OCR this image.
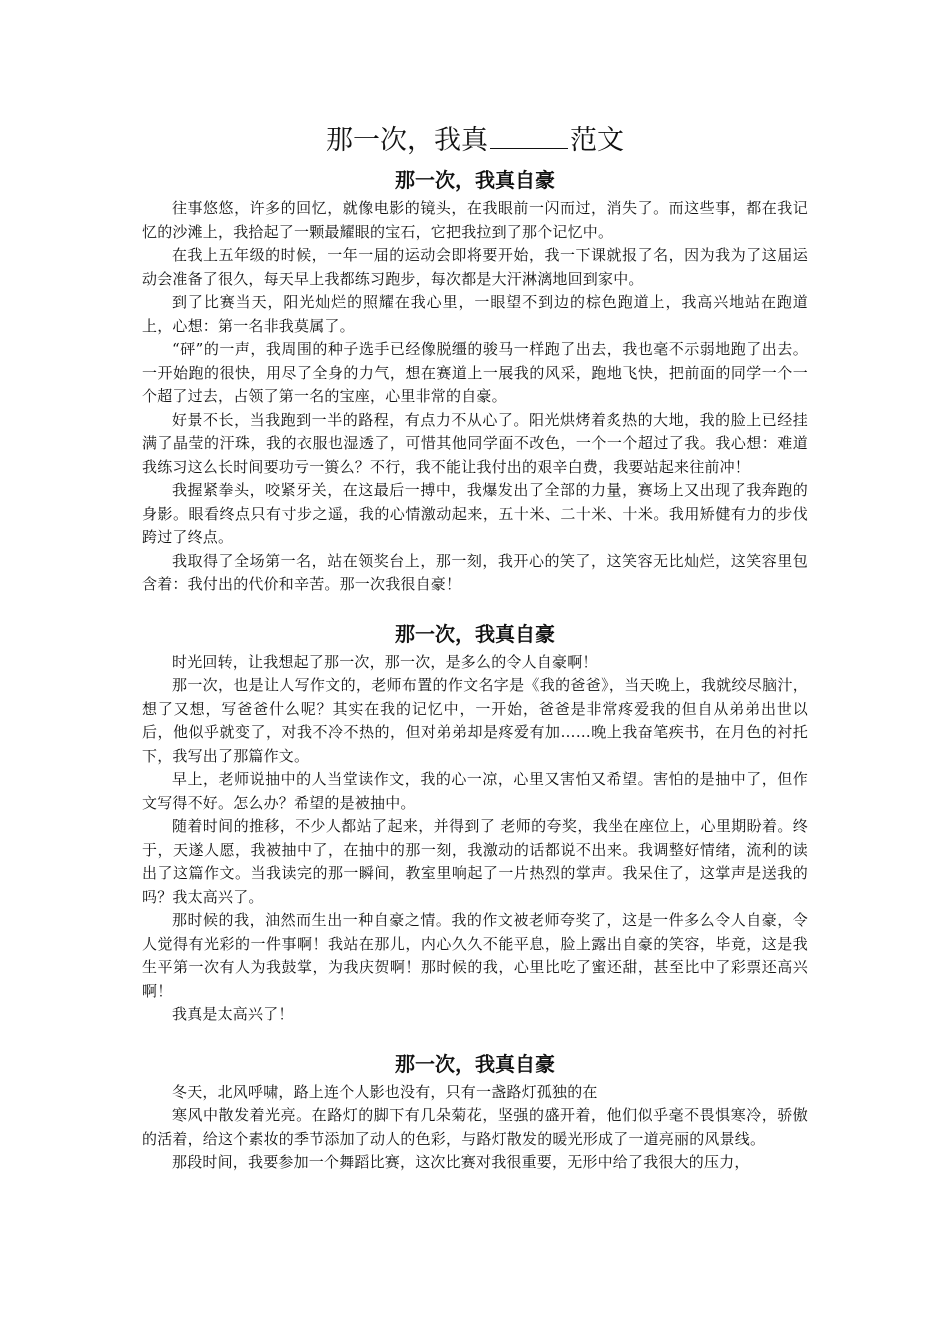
那一次，我真	范文
那一次，我真自豪

往事悠悠，许多的回忆，就像电影的镜头，在我眼前一闪而过，消失了。而这些事，都在我记忆的沙滩上，我拾起了一颗最耀眼的宝石，它把我拉到了那个记忆中。

在我上五年级的时候，一年一届的运动会即将要开始，我一下课就报了名，因为我为了这届运动会准备了很久，每天早上我都练习跑步，每次都是大汗淋漓地回到家中。

到了比赛当天，阳光灿烂的照耀在我心里，一眼望不到边的棕色跑道上，我高兴地站在跑道上，心想：第一名非我莫属了。

“砰”的一声，我周围的种子选手已经像脱缰的骏马一样跑了出去，我也毫不示弱地跑了出去。一开始跑的很快，用尽了全身的力气，想在赛道上一展我的风采，跑地飞快，把前面的同学一个一个超了过去，占领了第一名的宝座，心里非常的自豪。

好景不长，当我跑到一半的路程，有点力不从心了。阳光烘烤着炙热的大地，我的脸上已经挂满了晶莹的汗珠，我的衣服也湿透了，可惜其他同学面不改色，一个一个超过了我。我心想：难道我练习这么长时间要功亏一篑么？不行，我不能让我付出的艰辛白费，我要站起来往前冲！

我握紧拳头，咬紧牙关，在这最后一搏中，我爆发出了全部的力量，赛场上又出现了我奔跑的身影。眼看终点只有寸步之遥，我的心情激动起来，五十米、二十米、十米。我用矫健有力的步伐跨过了终点。

我取得了全场第一名，站在领奖台上，那一刻，我开心的笑了，这笑容无比灿烂，这笑容里包含着：我付出的代价和辛苦。那一次我很自豪！

那一次，我真自豪

时光回转，让我想起了那一次，那一次，是多么的令人自豪啊！

那一次，也是让人写作文的，老师布置的作文名字是《我的爸爸》，当天晚上，我就绞尽脑汁，想了又想，写爸爸什么呢？其实在我的记忆中，一开始，爸爸是非常疼爱我的但自从弟弟出世以后，他似乎就变了，对我不冷不热的，但对弟弟却是疼爱有加……晚上我奋笔疾书，在月色的衬托下，我写出了那篇作文。

早上，老师说抽中的人当堂读作文，我的心一凉，心里又害怕又希望。害怕的是抽中了，但作文写得不好。怎么办？希望的是被抽中。

随着时间的推移，不少人都站了起来，并得到了 老师的夸奖，我坐在座位上，心里期盼着。终于，天遂人愿，我被抽中了，在抽中的那一刻，我激动的话都说不出来。我调整好情绪，流利的读出了这篇作文。当我读完的那一瞬间，教室里响起了一片热烈的掌声。我呆住了，这掌声是送我的吗？我太高兴了。

那时候的我，油然而生出一种自豪之情。我的作文被老师夸奖了，这是一件多么令人自豪，令人觉得有光彩的一件事啊！我站在那儿，内心久久不能平息，脸上露出自豪的笑容，毕竟，这是我生平第一次有人为我鼓掌，为我庆贺啊！那时候的我，心里比吃了蜜还甜，甚至比中了彩票还高兴啊！

我真是太高兴了！

那一次，我真自豪

冬天，北风呼啸，路上连个人影也没有，只有一盏路灯孤独的在

寒风中散发着光亮。在路灯的脚下有几朵菊花，坚强的盛开着，他们似乎毫不畏惧寒冷，骄傲的活着，给这个素妆的季节添加了动人的色彩，与路灯散发的暖光形成了一道亮丽的风景线。

那段时间，我要参加一个舞蹈比赛，这次比赛对我很重要，无形中给了我很大的压力，
